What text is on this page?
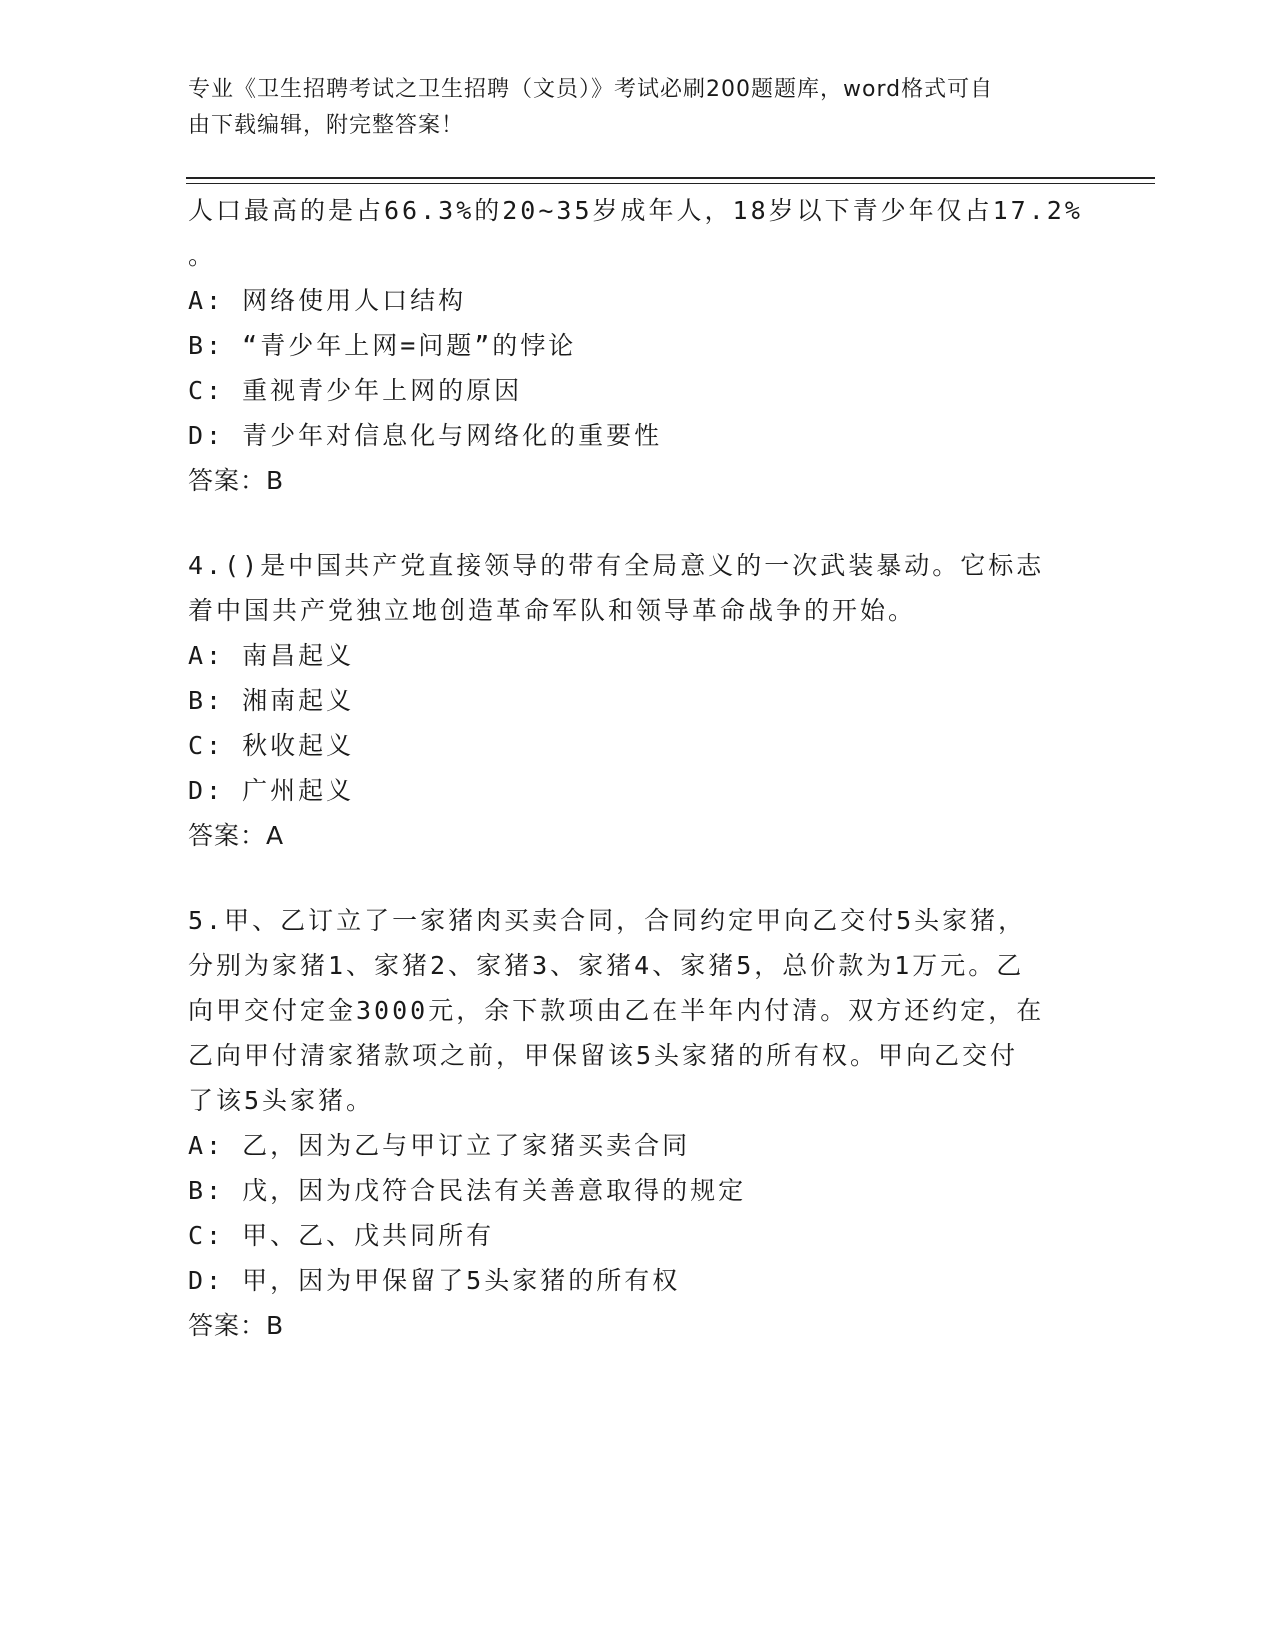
专业《卫生招聘考试之卫生招聘（文员）》考试必刷200题题库，word格式可自
由下载编辑，附完整答案！
人口最高的是占66.3%的20~35岁成年人，18岁以下青少年仅占17.2%
。
A: 网络使用人口结构
B: “青少年上网=问题”的悖论
C: 重视青少年上网的原因
D: 青少年对信息化与网络化的重要性
答案：B
4.()是中国共产党直接领导的带有全局意义的一次武装暴动。它标志
着中国共产党独立地创造革命军队和领导革命战争的开始。
A: 南昌起义
B: 湘南起义
C: 秋收起义
D: 广州起义
答案：A
5.甲、乙订立了一家猪肉买卖合同，合同约定甲向乙交付5头家猪，
分别为家猪1、家猪2、家猪3、家猪4、家猪5，总价款为1万元。乙
向甲交付定金3000元，余下款项由乙在半年内付清。双方还约定，在
乙向甲付清家猪款项之前，甲保留该5头家猪的所有权。甲向乙交付
了该5头家猪。
A: 乙，因为乙与甲订立了家猪买卖合同
B: 戊，因为戊符合民法有关善意取得的规定
C: 甲、乙、戊共同所有
D: 甲，因为甲保留了5头家猪的所有权
答案：B
